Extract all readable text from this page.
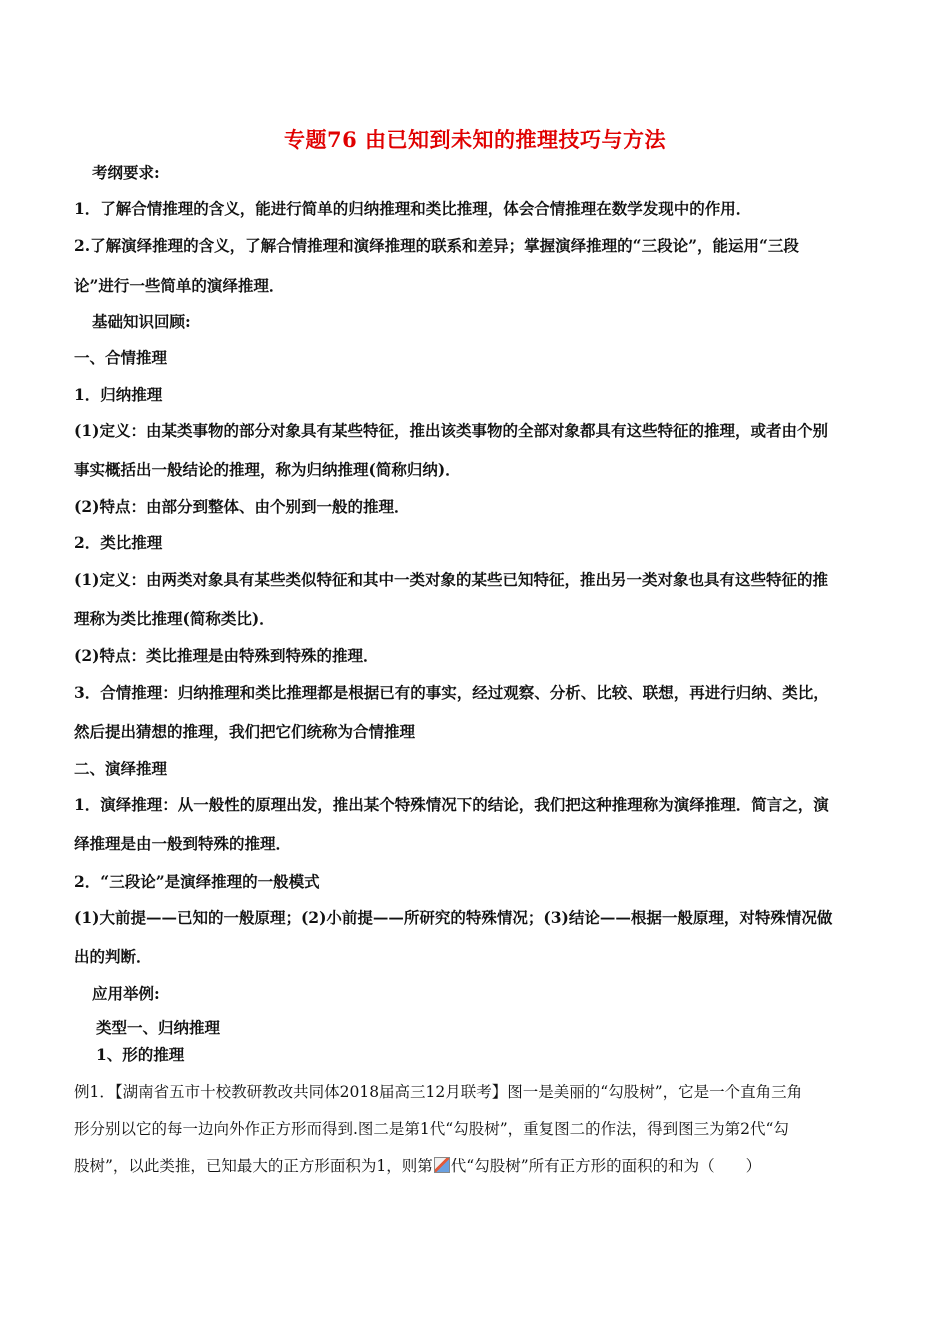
专题76 由已知到未知的推理技巧与方法
考纲要求:
1．了解合情推理的含义，能进行简单的归纳推理和类比推理，体会合情推理在数学发现中的作用．
2.了解演绎推理的含义，了解合情推理和演绎推理的联系和差异；掌握演绎推理的“三段论”，能运用“三段
论”进行一些简单的演绎推理．
基础知识回顾:
一、合情推理
1．归纳推理
(1)定义：由某类事物的部分对象具有某些特征，推出该类事物的全部对象都具有这些特征的推理，或者由个别
事实概括出一般结论的推理，称为归纳推理(简称归纳)．
(2)特点：由部分到整体、由个别到一般的推理．
2．类比推理
(1)定义：由两类对象具有某些类似特征和其中一类对象的某些已知特征，推出另一类对象也具有这些特征的推
理称为类比推理(简称类比)．
(2)特点：类比推理是由特殊到特殊的推理．
3．合情推理：归纳推理和类比推理都是根据已有的事实，经过观察、分析、比较、联想，再进行归纳、类比，
然后提出猜想的推理，我们把它们统称为合情推理
二、演绎推理
1．演绎推理：从一般性的原理出发，推出某个特殊情况下的结论，我们把这种推理称为演绎推理．简言之，演
绎推理是由一般到特殊的推理．
2．“三段论”是演绎推理的一般模式
(1)大前提——已知的一般原理；(2)小前提——所研究的特殊情况；(3)结论——根据一般原理，对特殊情况做
出的判断．
应用举例:
类型一、归纳推理
1、形的推理
例1．【湖南省五市十校教研教改共同体2018届高三12月联考】图一是美丽的“勾股树”，它是一个直角三角
形分别以它的每一边向外作正方形而得到.图二是第1代“勾股树”，重复图二的作法，得到图三为第2代“勾
股树”，以此类推，已知最大的正方形面积为1，则第 代“勾股树”所有正方形的面积的和为（　　）
